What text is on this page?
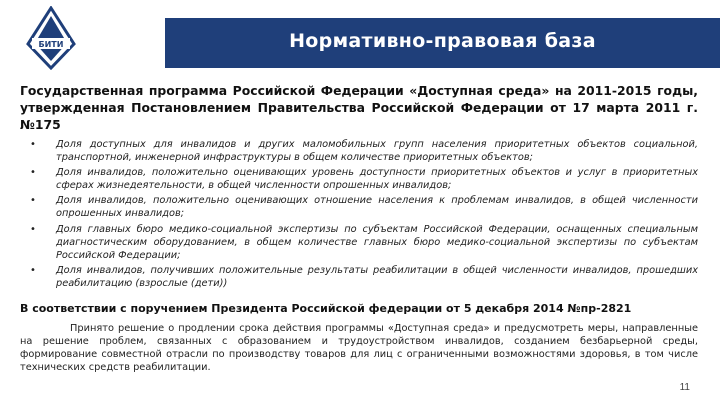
БИТИ	Нормативно-правовая база

Государственная программа Российской Федерации «Доступная среда» на 2011-2015 годы, утвержденная Постановлением Правительства Российской Федерации от 17 марта 2011 г. №175

• Доля доступных для инвалидов и других маломобильных групп населения приоритетных объектов социальной, транспортной, инженерной инфраструктуры в общем количестве приоритетных объектов;
• Доля инвалидов, положительно оценивающих уровень доступности приоритетных объектов и услуг в приоритетных сферах жизнедеятельности, в общей численности опрошенных инвалидов;
• Доля инвалидов, положительно оценивающих отношение населения к проблемам инвалидов, в общей численности опрошенных инвалидов;
• Доля главных бюро медико-социальной экспертизы по субъектам Российской Федерации, оснащенных специальным диагностическим оборудованием, в общем количестве главных бюро медико-социальной экспертизы по субъектам Российской Федерации;
• Доля инвалидов, получивших положительные результаты реабилитации в общей численности инвалидов, прошедших реабилитацию (взрослые (дети))

В соответствии с поручением Президента Российской федерации от 5 декабря 2014 №пр-2821

Принято решение о продлении срока действия программы «Доступная среда» и предусмотреть меры, направленные на решение проблем, связанных с образованием и трудоустройством инвалидов, созданием безбарьерной среды, формирование совместной отрасли по производству товаров для лиц с ограниченными возможностями здоровья, в том числе технических средств реабилитации.

11
